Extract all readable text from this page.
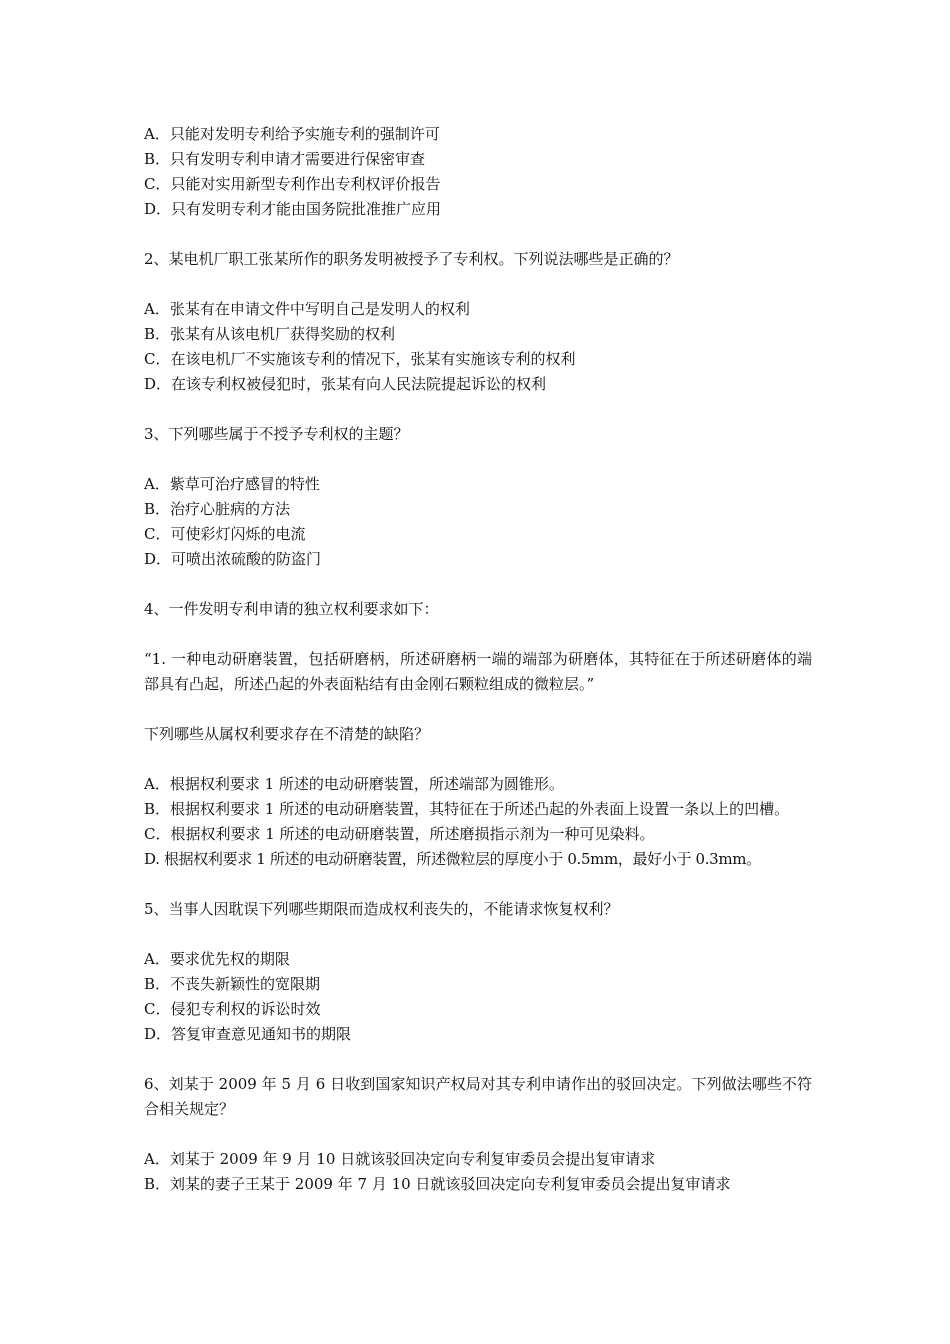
A．只能对发明专利给予实施专利的强制许可

B．只有发明专利申请才需要进行保密审查

C．只能对实用新型专利作出专利权评价报告

D．只有发明专利才能由国务院批准推广应用

2、某电机厂职工张某所作的职务发明被授予了专利权。下列说法哪些是正确的？

A．张某有在申请文件中写明自己是发明人的权利

B．张某有从该电机厂获得奖励的权利

C．在该电机厂不实施该专利的情况下，张某有实施该专利的权利

D．在该专利权被侵犯时，张某有向人民法院提起诉讼的权利

3、下列哪些属于不授予专利权的主题？

A．紫草可治疗感冒的特性

B．治疗心脏病的方法

C．可使彩灯闪烁的电流

D．可喷出浓硫酸的防盗门

4、一件发明专利申请的独立权利要求如下：

“1. 一种电动研磨装置，包括研磨柄，所述研磨柄一端的端部为研磨体，其特征在于所述研磨体的端部具有凸起，所述凸起的外表面粘结有由金刚石颗粒组成的微粒层。”

下列哪些从属权利要求存在不清楚的缺陷？

A．根据权利要求 1 所述的电动研磨装置，所述端部为圆锥形。

B．根据权利要求 1 所述的电动研磨装置，其特征在于所述凸起的外表面上设置一条以上的凹槽。

C．根据权利要求 1 所述的电动研磨装置，所述磨损指示剂为一种可见染料。

D. 根据权利要求 1 所述的电动研磨装置，所述微粒层的厚度小于 0.5mm，最好小于 0.3mm。

5、当事人因耽误下列哪些期限而造成权利丧失的，不能请求恢复权利？

A．要求优先权的期限

B．不丧失新颖性的宽限期

C．侵犯专利权的诉讼时效

D．答复审查意见通知书的期限

6、刘某于 2009 年 5 月 6 日收到国家知识产权局对其专利申请作出的驳回决定。下列做法哪些不符合相关规定？

A．刘某于 2009 年 9 月 10 日就该驳回决定向专利复审委员会提出复审请求

B．刘某的妻子王某于 2009 年 7 月 10 日就该驳回决定向专利复审委员会提出复审请求
